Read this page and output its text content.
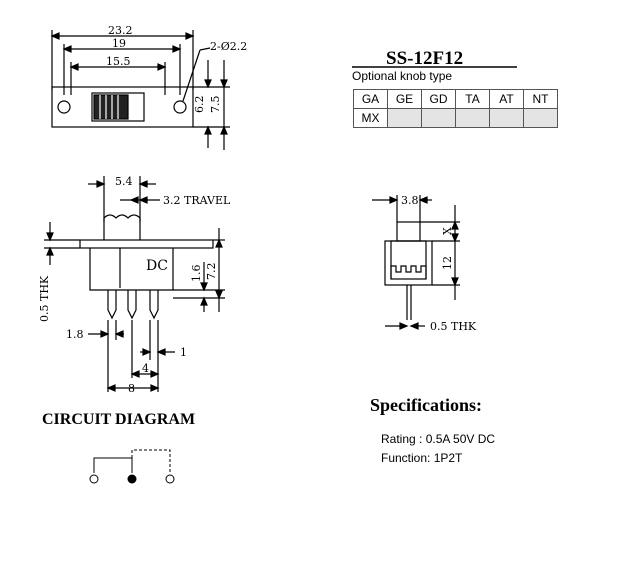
23.2
19
15.5
2-Ø2.2
6.2 7.5
SS-12F12
5.4
3.2 TRAVEL
DC 1.6 7.2
0.5 THK
1.8
1
4
8
3.8
X
12
0.5 THK
CIRCUIT DIAGRAM
Specifications:
Rating : 0.5A 50V DC
Function: 1P2T
Optional knob type
GA	GE	GD	TA	AT	NT
MX					
